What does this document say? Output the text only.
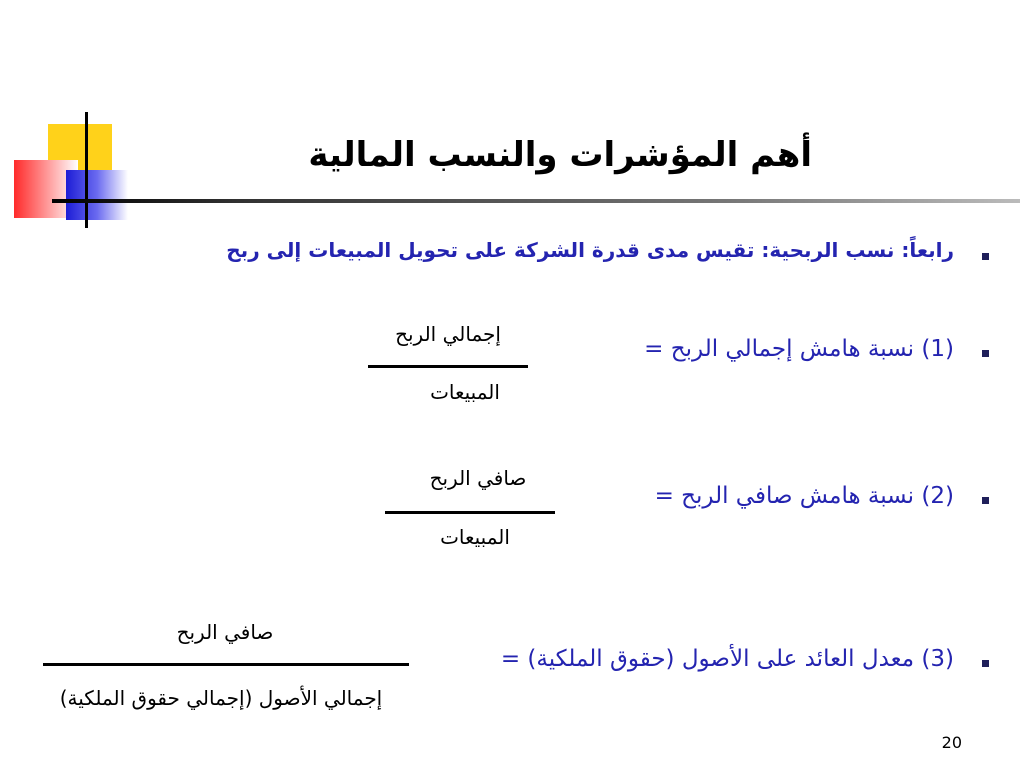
أهم المؤشرات والنسب المالية
رابعاً: نسب الربحية: تقيس مدى قدرة الشركة على تحويل المبيعات إلى ربح
(1) نسبة هامش إجمالي الربح =
إجمالي الربح
المبيعات
(2) نسبة هامش صافي الربح =
صافي الربح
المبيعات
(3) معدل العائد على الأصول (حقوق الملكية) =
صافي الربح
إجمالي الأصول (إجمالي حقوق الملكية)
20
